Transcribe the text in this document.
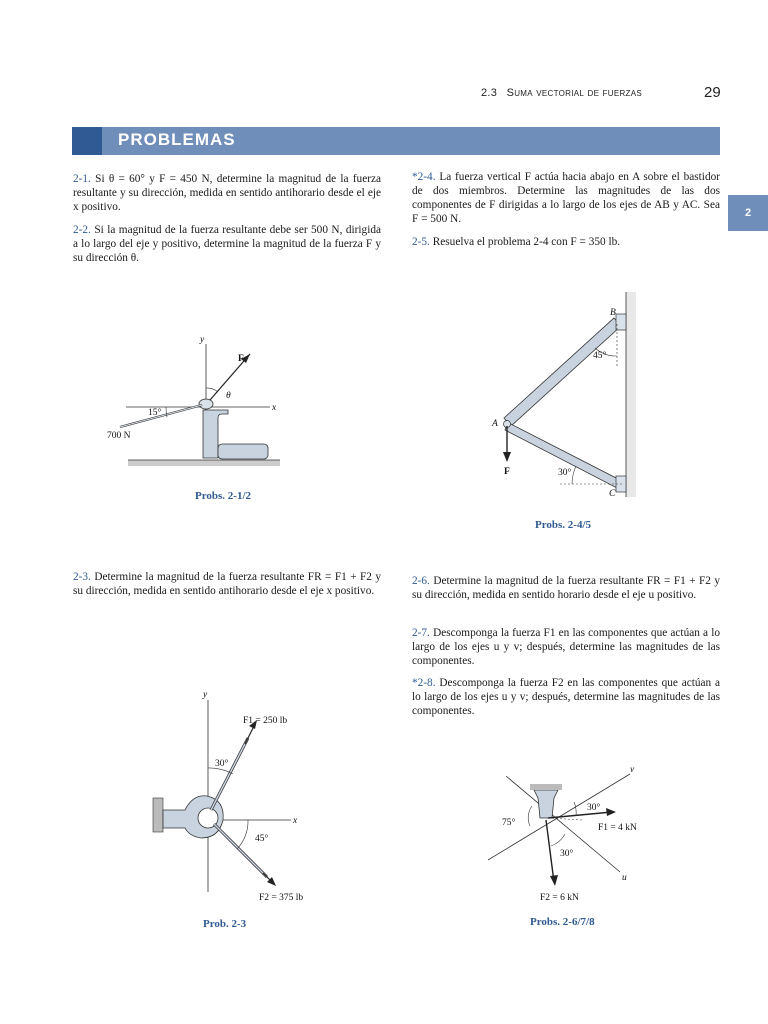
2.3 Suma vectorial de fuerzas	29
PROBLEMAS
2

2-1. Si θ = 60° y F = 450 N, determine la magnitud de la fuerza resultante y su dirección, medida en sentido antihorario desde el eje x positivo.

2-2. Si la magnitud de la fuerza resultante debe ser 500 N, dirigida a lo largo del eje y positivo, determine la magnitud de la fuerza F y su dirección θ.

*2-4. La fuerza vertical F actúa hacia abajo en A sobre el bastidor de dos miembros. Determine las magnitudes de las dos componentes de F dirigidas a lo largo de los ejes de AB y AC. Sea F = 500 N.

2-5. Resuelva el problema 2-4 con F = 350 lb.

y
x
F
θ
15°
700 N
Probs. 2-1/2
B
A
C
F
45°
30°
Probs. 2-4/5

2-3. Determine la magnitud de la fuerza resultante FR = F1 + F2 y su dirección, medida en sentido antihorario desde el eje x positivo.

2-6. Determine la magnitud de la fuerza resultante FR = F1 + F2 y su dirección, medida en sentido horario desde el eje u positivo.

2-7. Descomponga la fuerza F1 en las componentes que actúan a lo largo de los ejes u y v; después, determine las magnitudes de las componentes.

*2-8. Descomponga la fuerza F2 en las componentes que actúan a lo largo de los ejes u y v; después, determine las magnitudes de las componentes.

y
x
F1 = 250 lb
F2 = 375 lb
30°
45°
Prob. 2-3
v
u
F1 = 4 kN
F2 = 6 kN
75°
30°
30°
Probs. 2-6/7/8
